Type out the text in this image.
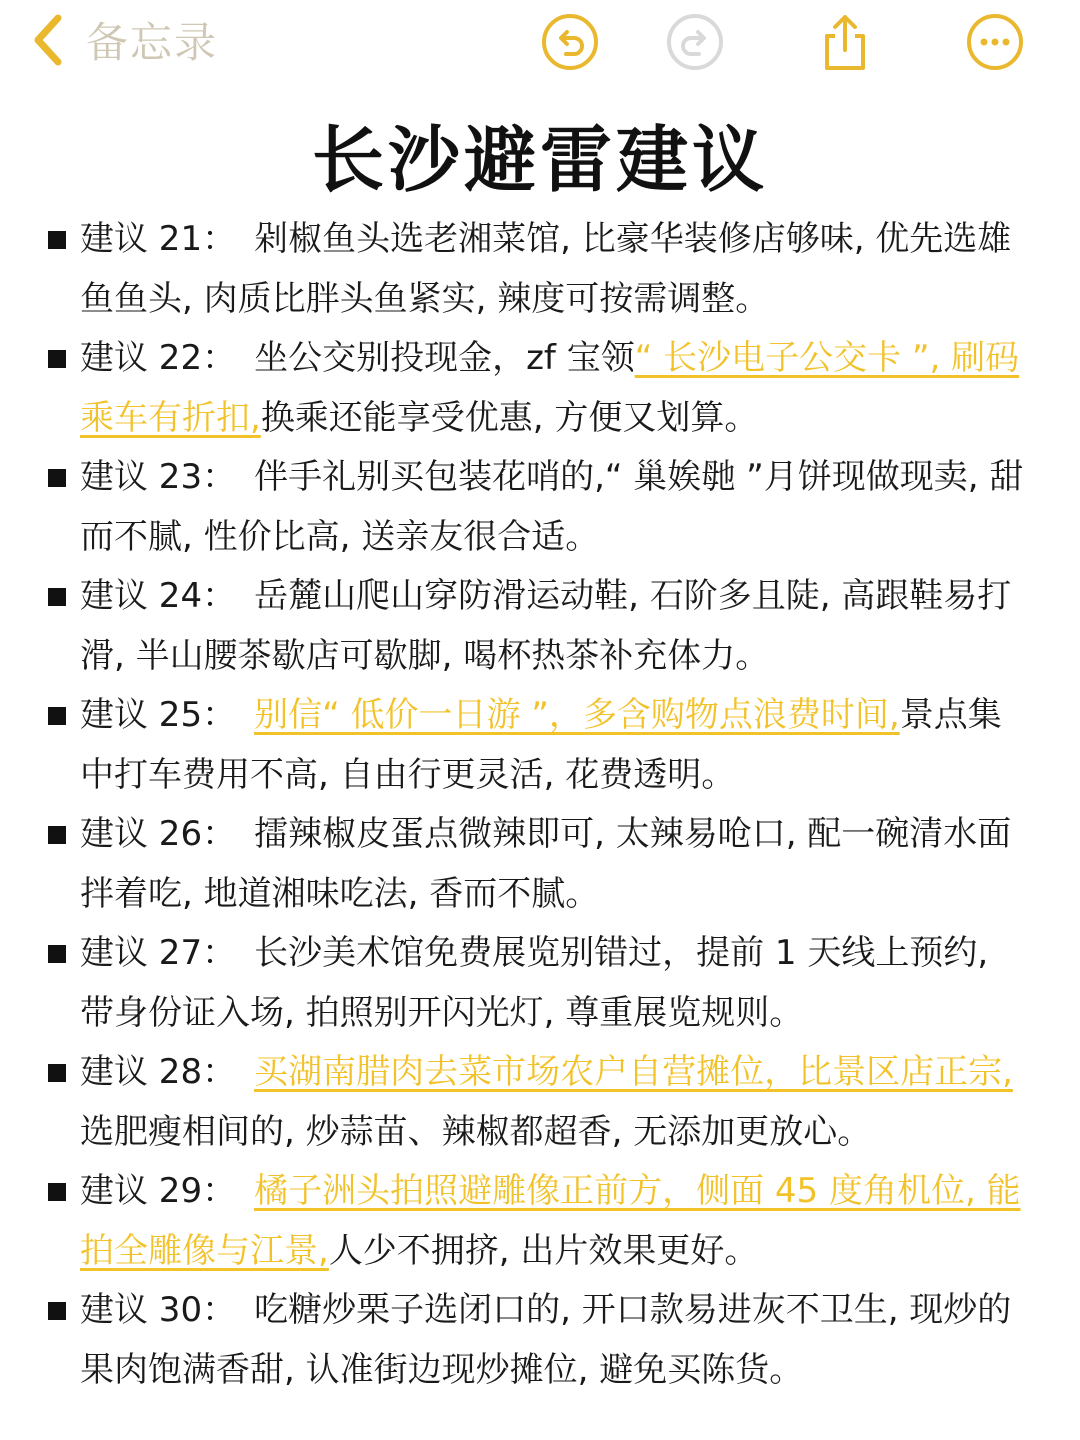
备忘录
长沙避雷建议
建议 21： 剁椒鱼头选老湘菜馆, 比豪华装修店够味, 优先选雄鱼鱼头, 肉质比胖头鱼紧实, 辣度可按需调整。
建议 22： 坐公交别投现金，zf 宝领“ 长沙电子公交卡 ”, 刷码乘车有折扣,换乘还能享受优惠, 方便又划算。
建议 23： 伴手礼别买包装花哨的,“ 巢娭毑 ”月饼现做现卖, 甜而不腻, 性价比高, 送亲友很合适。
建议 24： 岳麓山爬山穿防滑运动鞋, 石阶多且陡, 高跟鞋易打滑, 半山腰茶歇店可歇脚, 喝杯热茶补充体力。
建议 25： 别信“ 低价一日游 ”，多含购物点浪费时间,景点集中打车费用不高, 自由行更灵活, 花费透明。
建议 26： 擂辣椒皮蛋点微辣即可, 太辣易呛口, 配一碗清水面拌着吃, 地道湘味吃法, 香而不腻。
建议 27： 长沙美术馆免费展览别错过，提前 1 天线上预约, 带身份证入场, 拍照别开闪光灯, 尊重展览规则。
建议 28： 买湖南腊肉去菜市场农户自营摊位，比景区店正宗,选肥瘦相间的, 炒蒜苗、辣椒都超香, 无添加更放心。
建议 29： 橘子洲头拍照避雕像正前方，侧面 45 度角机位, 能拍全雕像与江景,人少不拥挤, 出片效果更好。
建议 30： 吃糖炒栗子选闭口的, 开口款易进灰不卫生, 现炒的果肉饱满香甜, 认准街边现炒摊位, 避免买陈货。
